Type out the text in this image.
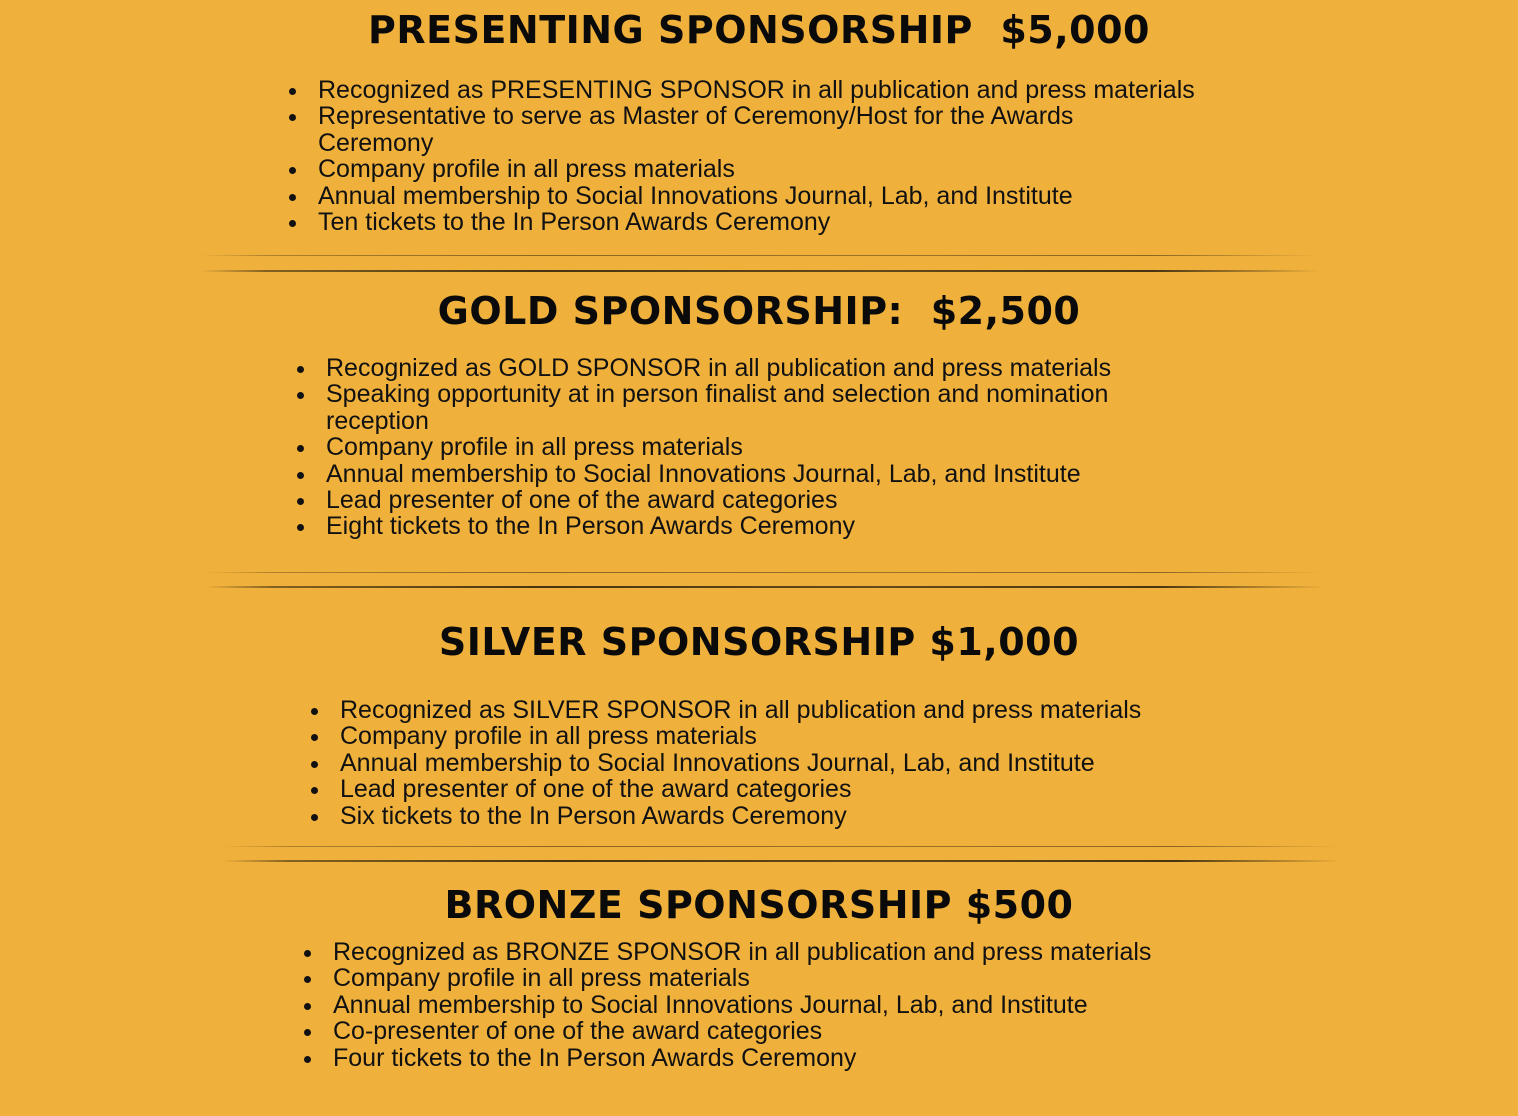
PRESENTING SPONSORSHIP  $5,000
Recognized as PRESENTING SPONSOR in all publication and press materials
Representative to serve as Master of Ceremony/Host for the Awards Ceremony
Company profile in all press materials
Annual membership to Social Innovations Journal, Lab, and Institute
Ten tickets to the In Person Awards Ceremony
GOLD SPONSORSHIP:  $2,500
Recognized as GOLD SPONSOR in all publication and press materials
Speaking opportunity at in person finalist and selection and nomination reception
Company profile in all press materials
Annual membership to Social Innovations Journal, Lab, and Institute
Lead presenter of one of the award categories
Eight tickets to the In Person Awards Ceremony
SILVER SPONSORSHIP $1,000
Recognized as SILVER SPONSOR in all publication and press materials
Company profile in all press materials
Annual membership to Social Innovations Journal, Lab, and Institute
Lead presenter of one of the award categories
Six tickets to the In Person Awards Ceremony
BRONZE SPONSORSHIP $500
Recognized as BRONZE SPONSOR in all publication and press materials
Company profile in all press materials
Annual membership to Social Innovations Journal, Lab, and Institute
Co-presenter of one of the award categories
Four tickets to the In Person Awards Ceremony
